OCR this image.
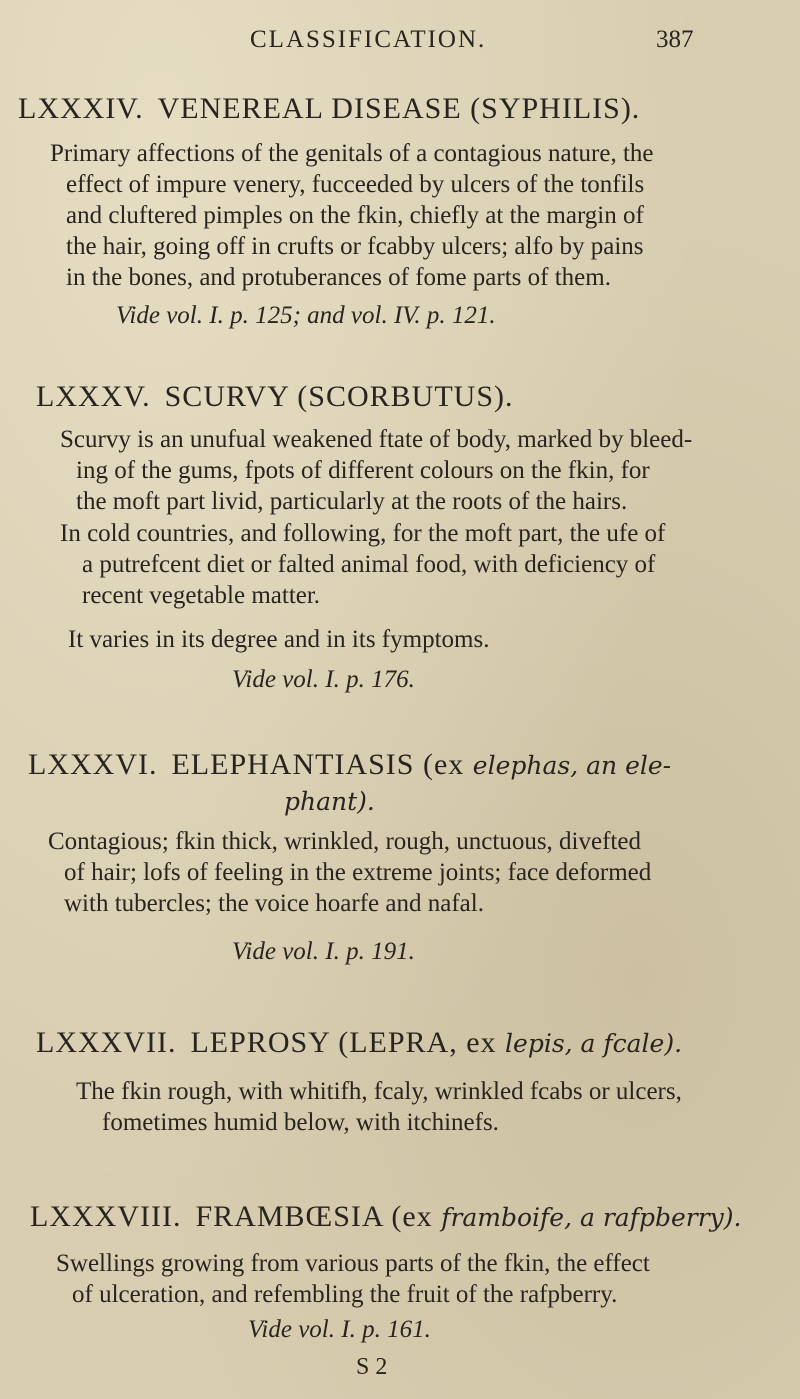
CLASSIFICATION.	387
LXXXIV. VENEREAL DISEASE (SYPHILIS).
Primary affections of the genitals of a contagious nature, the
effect of impure venery, fucceeded by ulcers of the tonfils
and cluftered pimples on the fkin, chiefly at the margin of
the hair, going off in crufts or fcabby ulcers; alfo by pains
in the bones, and protuberances of fome parts of them.
Vide vol. I. p. 125; and vol. IV. p. 121.
LXXXV. SCURVY (SCORBUTUS).
Scurvy is an unufual weakened ftate of body, marked by bleed-
ing of the gums, fpots of different colours on the fkin, for
the moft part livid, particularly at the roots of the hairs.
In cold countries, and following, for the moft part, the ufe of
a putrefcent diet or falted animal food, with deficiency of
recent vegetable matter.
It varies in its degree and in its fymptoms.
Vide vol. I. p. 176.
LXXXVI. ELEPHANTIASIS (ex elephas, an ele-
phant).
Contagious; fkin thick, wrinkled, rough, unctuous, divefted
of hair; lofs of feeling in the extreme joints; face deformed
with tubercles; the voice hoarfe and nafal.
Vide vol. I. p. 191.
LXXXVII. LEPROSY (LEPRA, ex lepis, a fcale).
The fkin rough, with whitifh, fcaly, wrinkled fcabs or ulcers,
fometimes humid below, with itchinefs.
LXXXVIII. FRAMBŒSIA (ex framboife, a rafpberry).
Swellings growing from various parts of the fkin, the effect
of ulceration, and refembling the fruit of the rafpberry.
Vide vol. I. p. 161.
S 2
